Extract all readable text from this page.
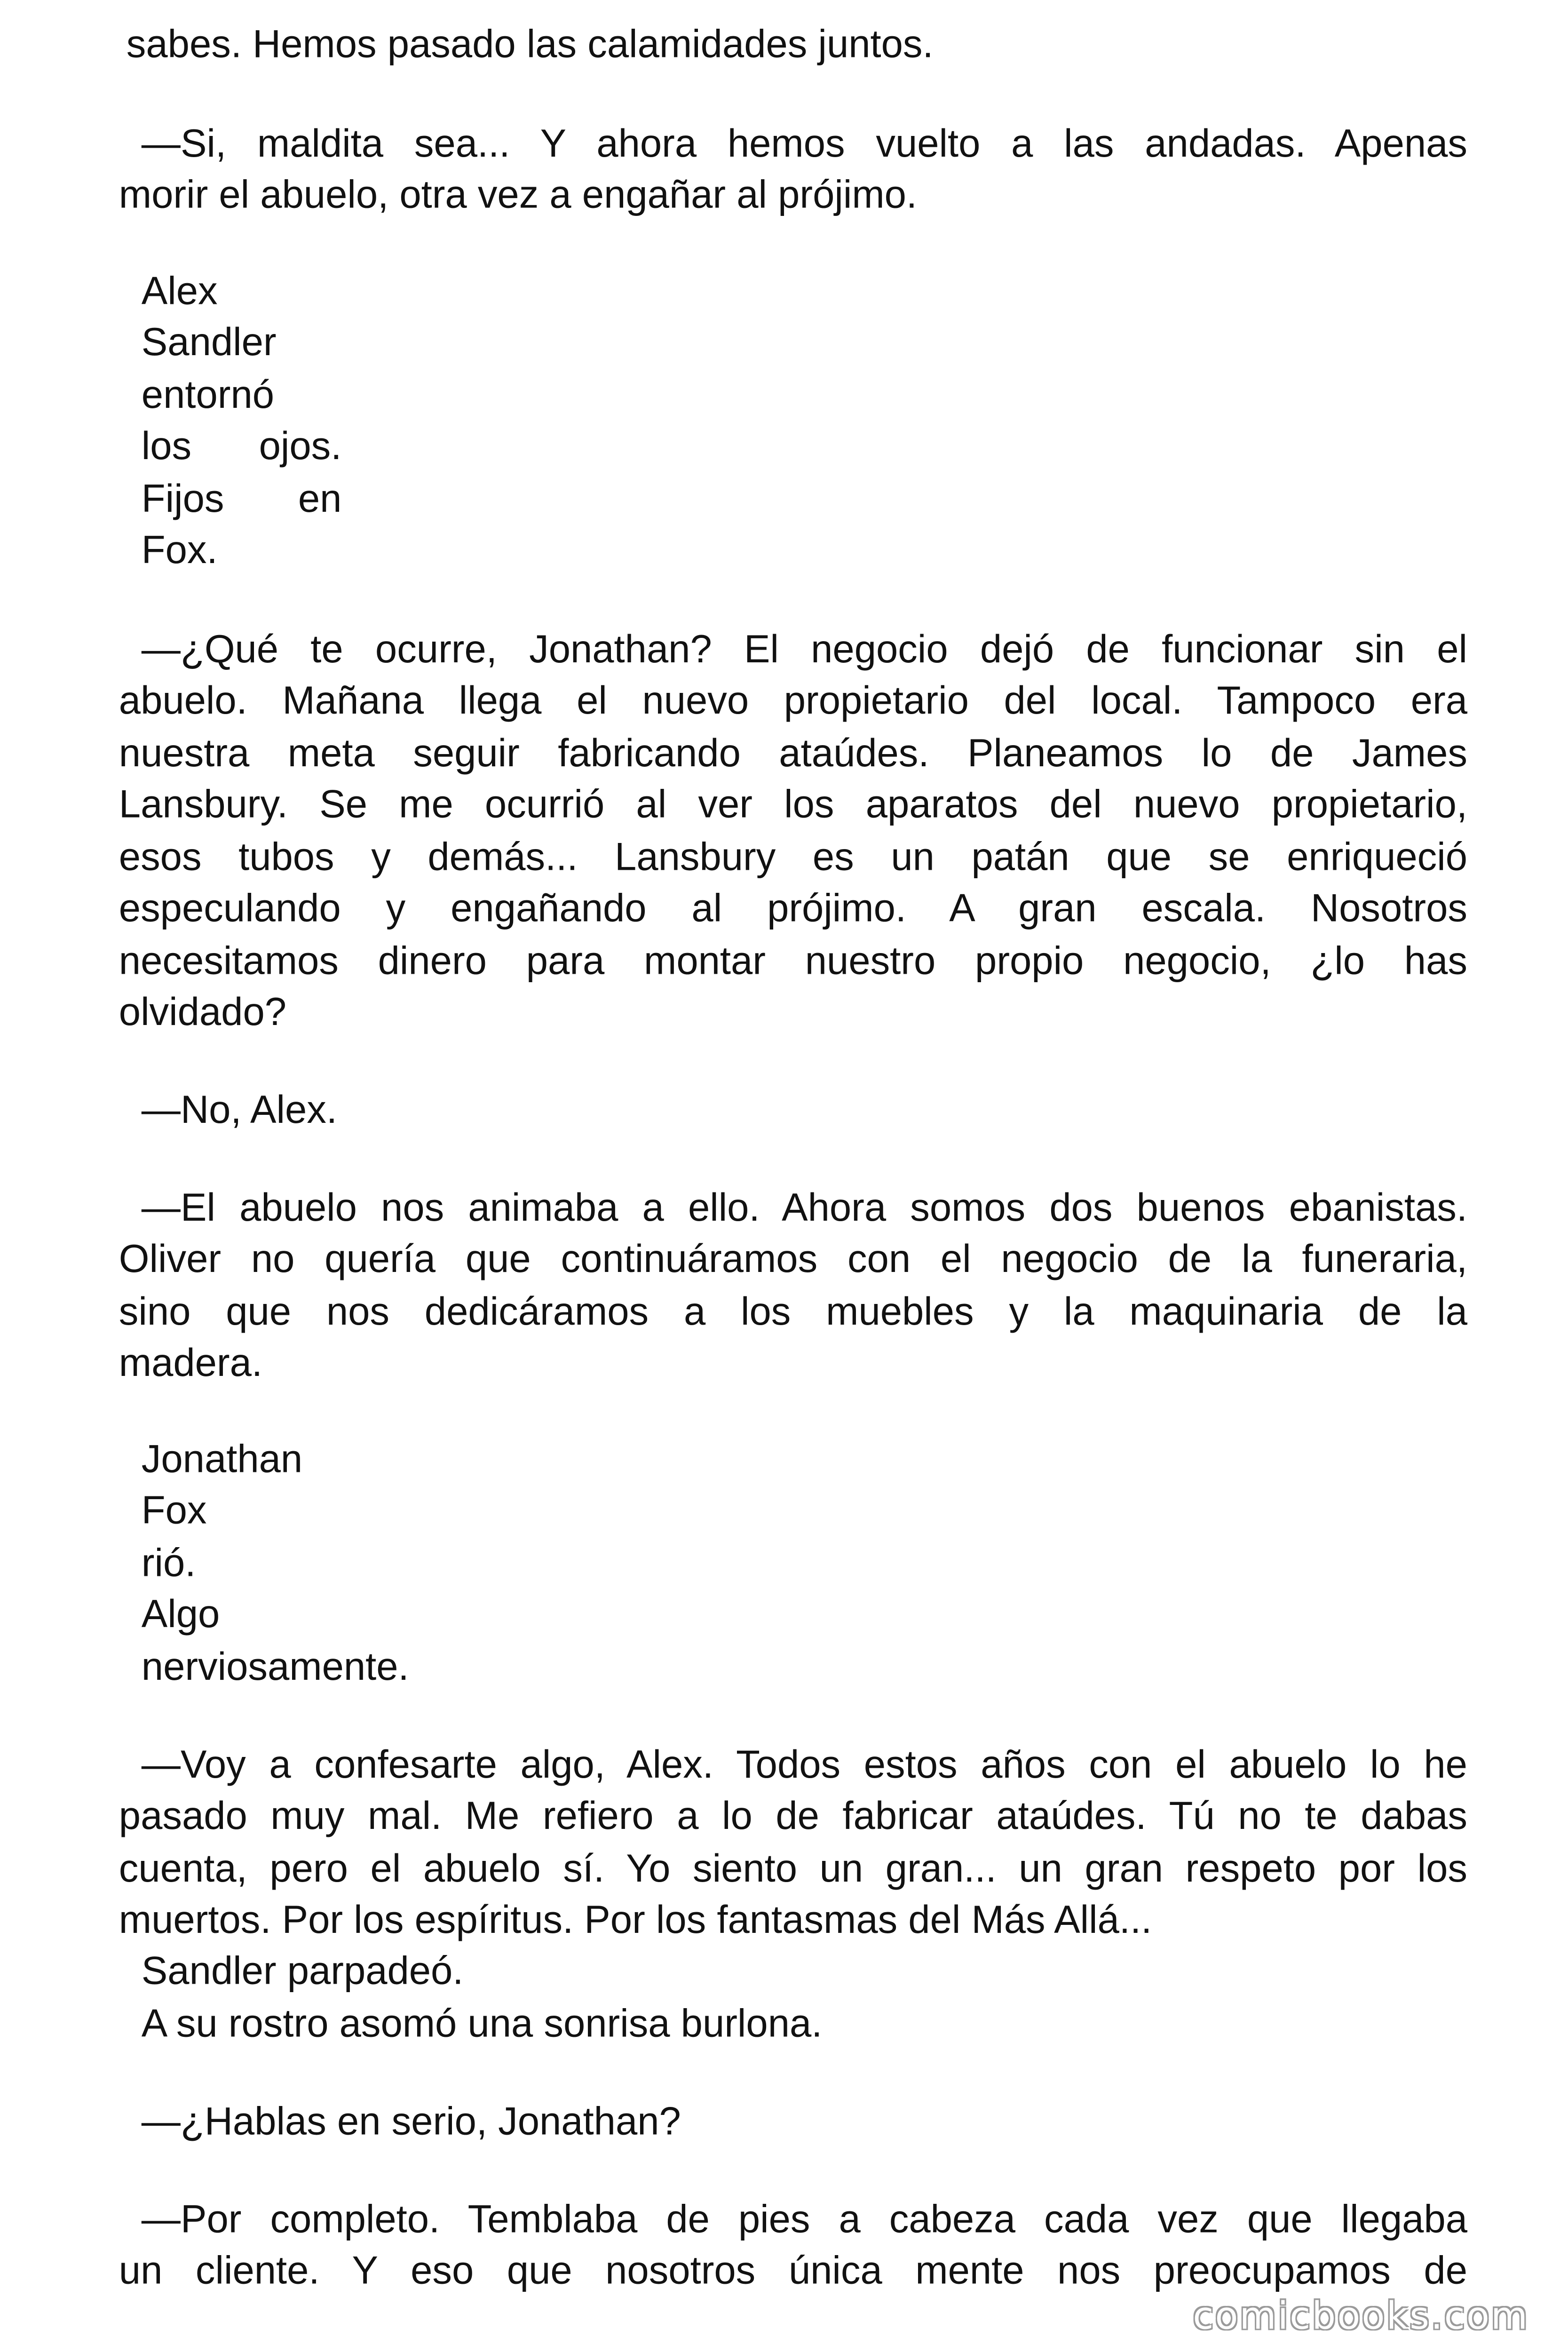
sabes. Hemos pasado las calamidades juntos.
—Si, maldita sea... Y ahora hemos vuelto a las andadas. Apenas
morir el abuelo, otra vez a engañar al prójimo.
Alex
Sandler
entornó
los ojos.
Fijos en
Fox.
—¿Qué te ocurre, Jonathan? El negocio dejó de funcionar sin el
abuelo. Mañana llega el nuevo propietario del local. Tampoco era
nuestra meta seguir fabricando ataúdes. Planeamos lo de James
Lansbury. Se me ocurrió al ver los aparatos del nuevo propietario,
esos tubos y demás... Lansbury es un patán que se enriqueció
especulando y engañando al prójimo. A gran escala. Nosotros
necesitamos dinero para montar nuestro propio negocio, ¿lo has
olvidado?
—No, Alex.
—El abuelo nos animaba a ello. Ahora somos dos buenos ebanistas.
Oliver no quería que continuáramos con el negocio de la funeraria,
sino que nos dedicáramos a los muebles y la maquinaria de la
madera.
Jonathan
Fox
rió.
Algo
nerviosamente.
—Voy a confesarte algo, Alex. Todos estos años con el abuelo lo he
pasado muy mal. Me refiero a lo de fabricar ataúdes. Tú no te dabas
cuenta, pero el abuelo sí. Yo siento un gran... un gran respeto por los
muertos. Por los espíritus. Por los fantasmas del Más Allá...
Sandler parpadeó.
A su rostro asomó una sonrisa burlona.
—¿Hablas en serio, Jonathan?
—Por completo. Temblaba de pies a cabeza cada vez que llegaba
un cliente. Y eso que nosotros única mente nos preocupamos de
comicbooks.com
